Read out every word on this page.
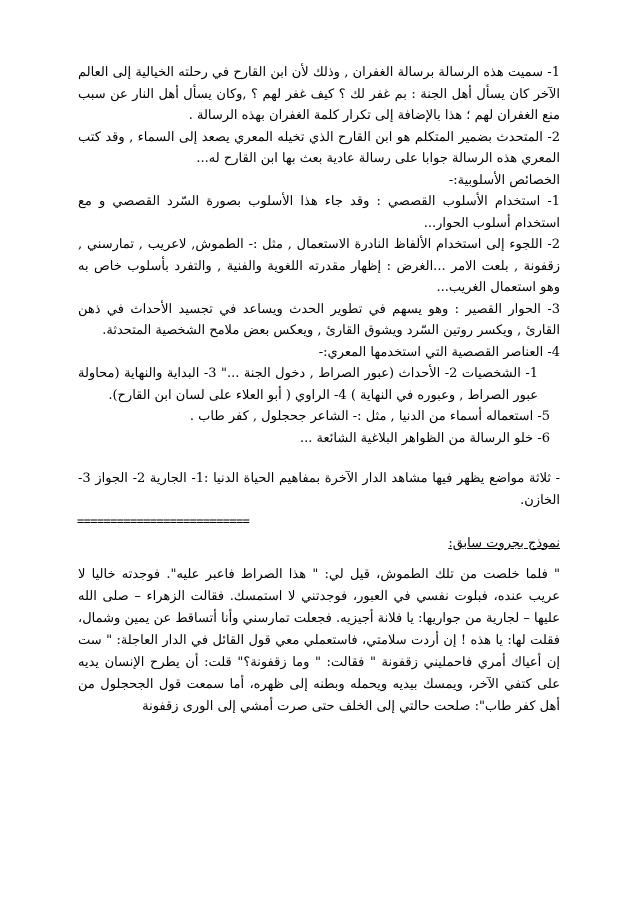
1- سميت هذه الرسالة برسالة الغفران , وذلك لأن ابن القارح في رحلته الخيالية إلى العالم الآخر كان يسأل أهل الجنة : بم غفر لك ؟ كيف غفر لهم ؟ ,وكان يسأل أهل النار عن سبب منع الغفران لهم ؛ هذا بالإضافة إلى تكرار كلمة الغفران بهذه الرسالة .

2- المتحدث بضمير المتكلم هو ابن القارح الذي تخيله المعري يصعد إلى السماء , وقد كتب المعري هذه الرسالة جوابا على رسالة عادية بعث بها ابن القارح له...

الخصائص الأسلوبية:-

1- استخدام الأسلوب القصصي : وقد جاء هذا الأسلوب بصورة السّرد القصصي و مع استخدام أسلوب الحوار...

2- اللجوء إلى استخدام الألفاظ النادرة الاستعمال , مثل :- الطموش, لاعريب , تمارسني , زقفونة , بلعت الامر ...الغرض : إظهار مقدرته اللغوية والفنية , والتفرد بأسلوب خاص به وهو استعمال الغريب...

3- الحوار القصير : وهو يسهم في تطوير الحدث ويساعد في تجسيد الأحداث في ذهن القارئ , ويكسر روتين السّرد ويشوق القارئ , ويعكس بعض ملامح الشخصية المتحدثة.

4- العناصر القصصية التي استخدمها المعري:-

1- الشخصيات 2- الأحداث (عبور الصراط , دخول الجنة ..." 3- البداية والنهاية (محاولة عبور الصراط , وعبوره في النهاية ) 4- الراوي ( أبو العلاء على لسان ابن القارح).

5- استعماله أسماء من الدنيا , مثل :- الشاعر جحجلول , كفر طاب .

6- خلو الرسالة من الظواهر البلاغية الشائعة ...

- ثلاثة مواضع يظهر فيها مشاهد الدار الآخرة بمفاهيم الحياة الدنيا :1- الجارية 2- الجواز 3- الخازن.

==========================

نموذج بجروت سابق:

" فلما خلصت من تلك الطموش، قيل لي: " هذا الصراط فاعبر عليه". فوجدته خاليا لا عريب عنده، فبلوت نفسي في العبور، فوجدتني لا استمسك. فقالت الزهراء – صلى الله عليها – لجارية من جواريها: يا فلانة أجيزيه. فجعلت تمارسني وأنا أتساقط عن يمين وشمال، فقلت لها: يا هذه ! إن أردت سلامتي، فاستعملي معي قول القائل في الدار العاجلة: " ست إن أعياك أمري فاحمليني زقفونة " فقالت: " وما زقفونة؟" قلت: أن يطرح الإنسان يديه على كتفي الآخر، ويمسك بيديه ويحمله وبطنه إلى ظهره، أما سمعت قول الجحجلول من أهل كفر طاب": صلحت حالتي إلى الخلف حتى صرت أمشي إلى الورى زقفونة
